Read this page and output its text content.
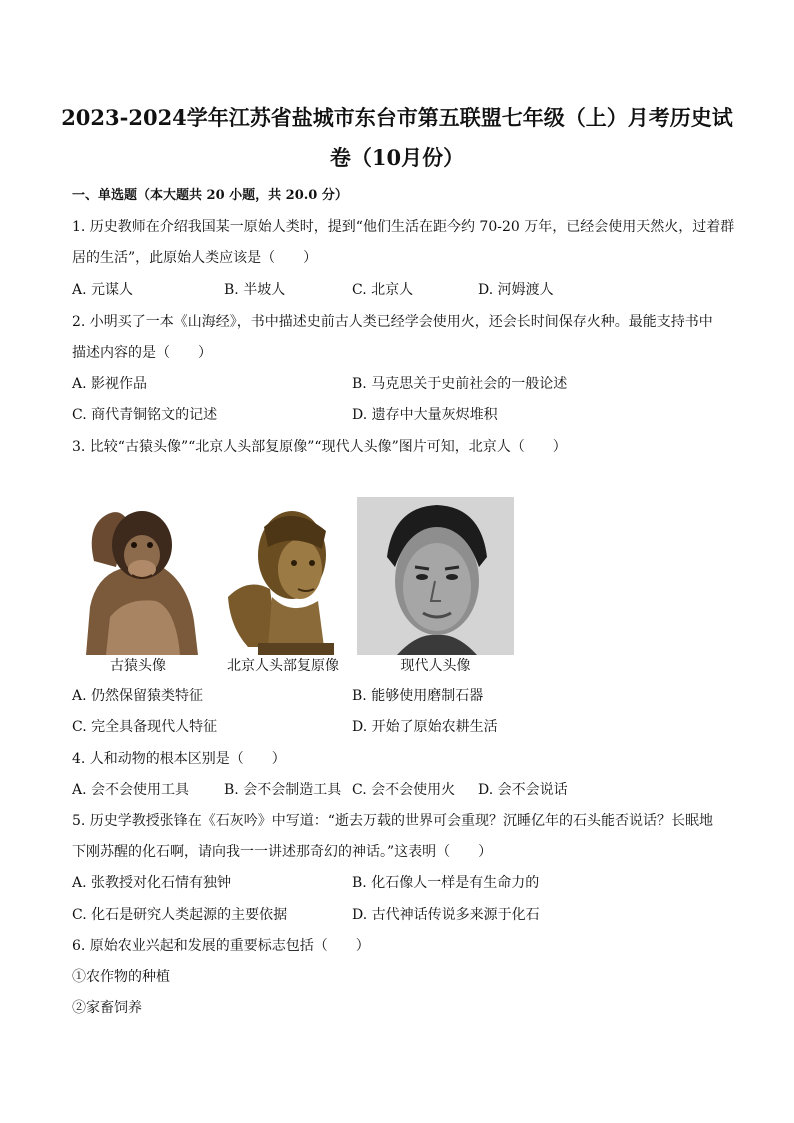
2023-2024学年江苏省盐城市东台市第五联盟七年级（上）月考历史试
卷（10月份）
一、单选题（本大题共 20 小题，共 20.0 分）
1. 历史教师在介绍我国某一原始人类时，提到“他们生活在距今约 70-20 万年，已经会使用天然火，过着群
居的生活”，此原始人类应该是（　　）
A. 元谋人	B. 半坡人	C. 北京人	D. 河姆渡人
2. 小明买了一本《山海经》，书中描述史前古人类已经学会使用火，还会长时间保存火种。最能支持书中
描述内容的是（　　）
A. 影视作品	B. 马克思关于史前社会的一般论述
C. 商代青铜铭文的记述	D. 遗存中大量灰烬堆积
3. 比较“古猿头像”“北京人头部复原像”“现代人头像”图片可知，北京人（　　）
古猿头像	北京人头部复原像	现代人头像
A. 仍然保留猿类特征	B. 能够使用磨制石器
C. 完全具备现代人特征	D. 开始了原始农耕生活
4. 人和动物的根本区别是（　　）
A. 会不会使用工具 B. 会不会制造工具 C. 会不会使用火 D. 会不会说话
5. 历史学教授张锋在《石灰吟》中写道：“逝去万载的世界可会重现？沉睡亿年的石头能否说话？长眠地
下刚苏醒的化石啊，请向我一一讲述那奇幻的神话。”这表明（　　）
A. 张教授对化石情有独钟	B. 化石像人一样是有生命力的
C. 化石是研究人类起源的主要依据	D. 古代神话传说多来源于化石
6. 原始农业兴起和发展的重要标志包括（　　）
①农作物的种植
②家畜饲养
